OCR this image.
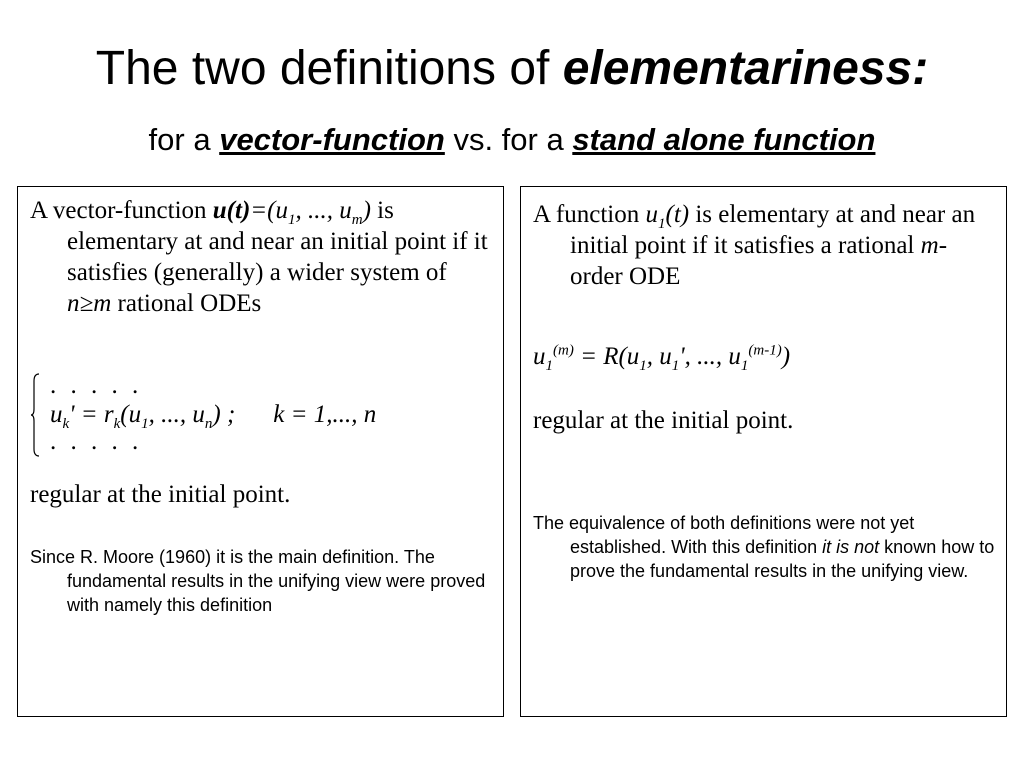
The two definitions of elementariness:
for a vector-function vs. for a stand alone function
A vector-function $u(t)=(u_1$, ..., $u_m$) is elementary at and near an initial point if it satisfies (generally) a wider system of n≥m rational ODEs
. . . . .
$u_k' = r_k(u_1$, ..., $u_n$) ; k = 1,..., n
. . . . .
regular at the initial point.
Since R. Moore (1960) it is the main definition. The fundamental results in the unifying view were proved with namely this definition
A function $u_1(t)$ is elementary at and near an initial point if it satisfies a rational m-order ODE
$u_1^{(m)} = R(u_1$, $u_1'$, ..., $u_1^{(m-1)}$)
regular at the initial point.
The equivalence of both definitions were not yet established. With this definition it is not known how to prove the fundamental results in the unifying view.
